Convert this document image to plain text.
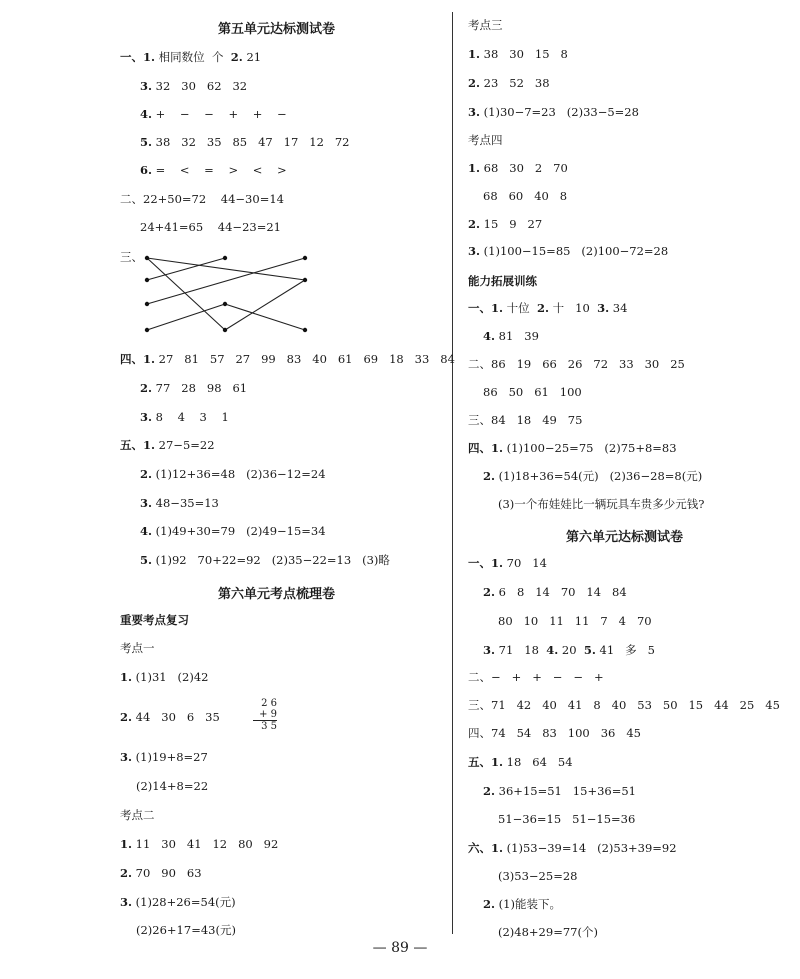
第五单元达标测试卷
一、1. 相同数位  个  2. 21
3. 32   30   62   32
4. +    −    −    +    +    −
5. 38   32   35   85   47   17   12   72
6. =    <    =    >    <    >
二、22+50=72    44−30=14
24+41=65    44−23=21
三、
四、1. 27   81   57   27   99   83   40   61   69   18   33   84
2. 77   28   98   61
3. 8    4    3    1
五、1. 27−5=22
2. (1)12+36=48   (2)36−12=24
3. 48−35=13
4. (1)49+30=79   (2)49−15=34
5. (1)92   70+22=92   (2)35−22=13   (3)略
第六单元考点梳理卷
重要考点复习
考点一
1. (1)31   (2)42
2. 44   30   6   35
2 6
+ 9
3 5
3. (1)19+8=27
(2)14+8=22
考点二
1. 11   30   41   12   80   92
2. 70   90   63
3. (1)28+26=54(元)
(2)26+17=43(元)
考点三
1. 38   30   15   8
2. 23   52   38
3. (1)30−7=23   (2)33−5=28
考点四
1. 68   30   2   70
68   60   40   8
2. 15   9   27
3. (1)100−15=85   (2)100−72=28
能力拓展训练
一、1. 十位  2. 十   10  3. 34
4. 81   39
二、86   19   66   26   72   33   30   25
86   50   61   100
三、84   18   49   75
四、1. (1)100−25=75   (2)75+8=83
2. (1)18+36=54(元)   (2)36−28=8(元)
(3)一个布娃娃比一辆玩具车贵多少元钱?
第六单元达标测试卷
一、1. 70   14
2. 6   8   14   70   14   84
80   10   11   11   7   4   70
3. 71   18  4. 20  5. 41   多   5
二、−   +   +   −   −   +
三、71   42   40   41   8   40   53   50   15   44   25   45
四、74   54   83   100   36   45
五、1. 18   64   54
2. 36+15=51   15+36=51
51−36=15   51−15=36
六、1. (1)53−39=14   (2)53+39=92
(3)53−25=28
2. (1)能装下。
(2)48+29=77(个)
— 89 —
